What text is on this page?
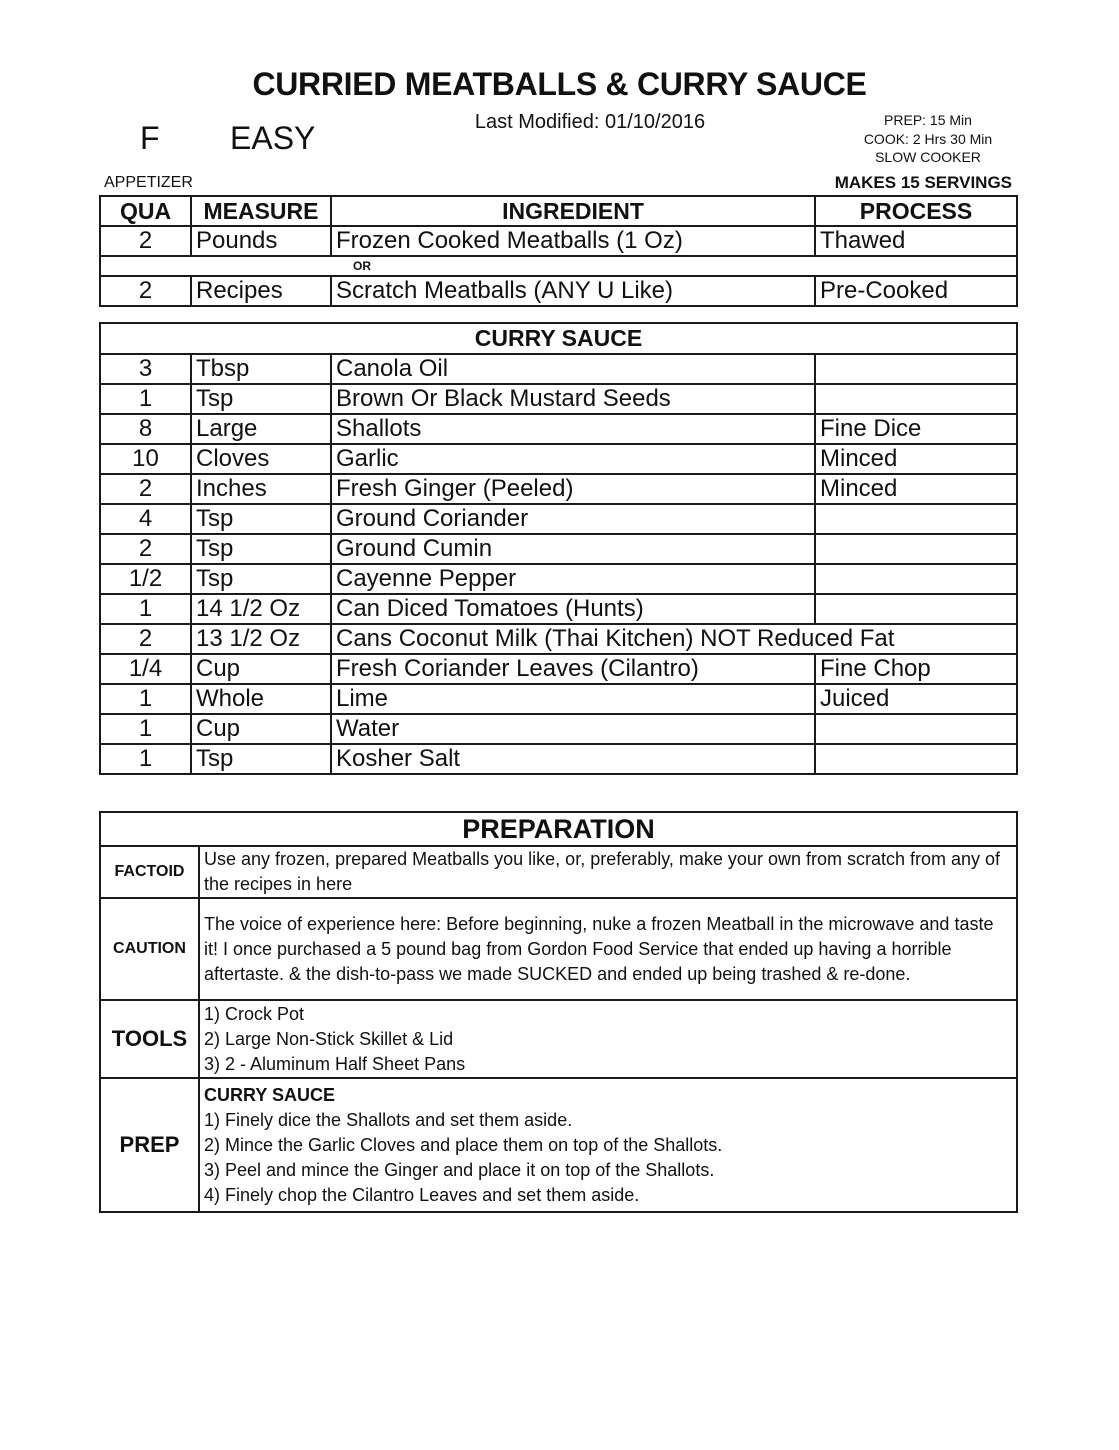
CURRIED MEATBALLS & CURRY SAUCE
Last Modified: 01/10/2016
F EASY	PREP: 15 Min
COOK: 2 Hrs 30 Min
SLOW COOKER
APPETIZER	MAKES 15 SERVINGS
QUA	MEASURE	INGREDIENT	PROCESS
2	Pounds	Frozen Cooked Meatballs (1 Oz)	Thawed
OR			
2	Recipes	Scratch Meatballs (ANY U Like)	Pre-Cooked
CURRY SAUCE			
3	Tbsp	Canola Oil	
1	Tsp	Brown Or Black Mustard Seeds	
8	Large	Shallots	Fine Dice
10	Cloves	Garlic	Minced
2	Inches	Fresh Ginger (Peeled)	Minced
4	Tsp	Ground Coriander	
2	Tsp	Ground Cumin	
1/2	Tsp	Cayenne Pepper	
1	14 1/2 Oz	Can Diced Tomatoes (Hunts)	
2	13 1/2 Oz	Cans Coconut Milk (Thai Kitchen) NOT Reduced Fat	
1/4	Cup	Fresh Coriander Leaves (Cilantro)	Fine Chop
1	Whole	Lime	Juiced
1	Cup	Water	
1	Tsp	Kosher Salt	
PREPARATION	
FACTOID	Use any frozen, prepared Meatballs you like, or, preferably, make your own from scratch from any of the recipes in here
CAUTION	The voice of experience here: Before beginning, nuke a frozen Meatball in the microwave and taste it! I once purchased a 5 pound bag from Gordon Food Service that ended up having a horrible aftertaste. & the dish-to-pass we made SUCKED and ended up being trashed & re-done.
TOOLS	1) Crock Pot
2) Large Non-Stick Skillet & Lid
3) 2 - Aluminum Half Sheet Pans

PREP	CURRY SAUCE
1) Finely dice the Shallots and set them aside.
2) Mince the Garlic Cloves and place them on top of the Shallots.
3) Peel and mince the Ginger and place it on top of the Shallots.
4) Finely chop the Cilantro Leaves and set them aside.
